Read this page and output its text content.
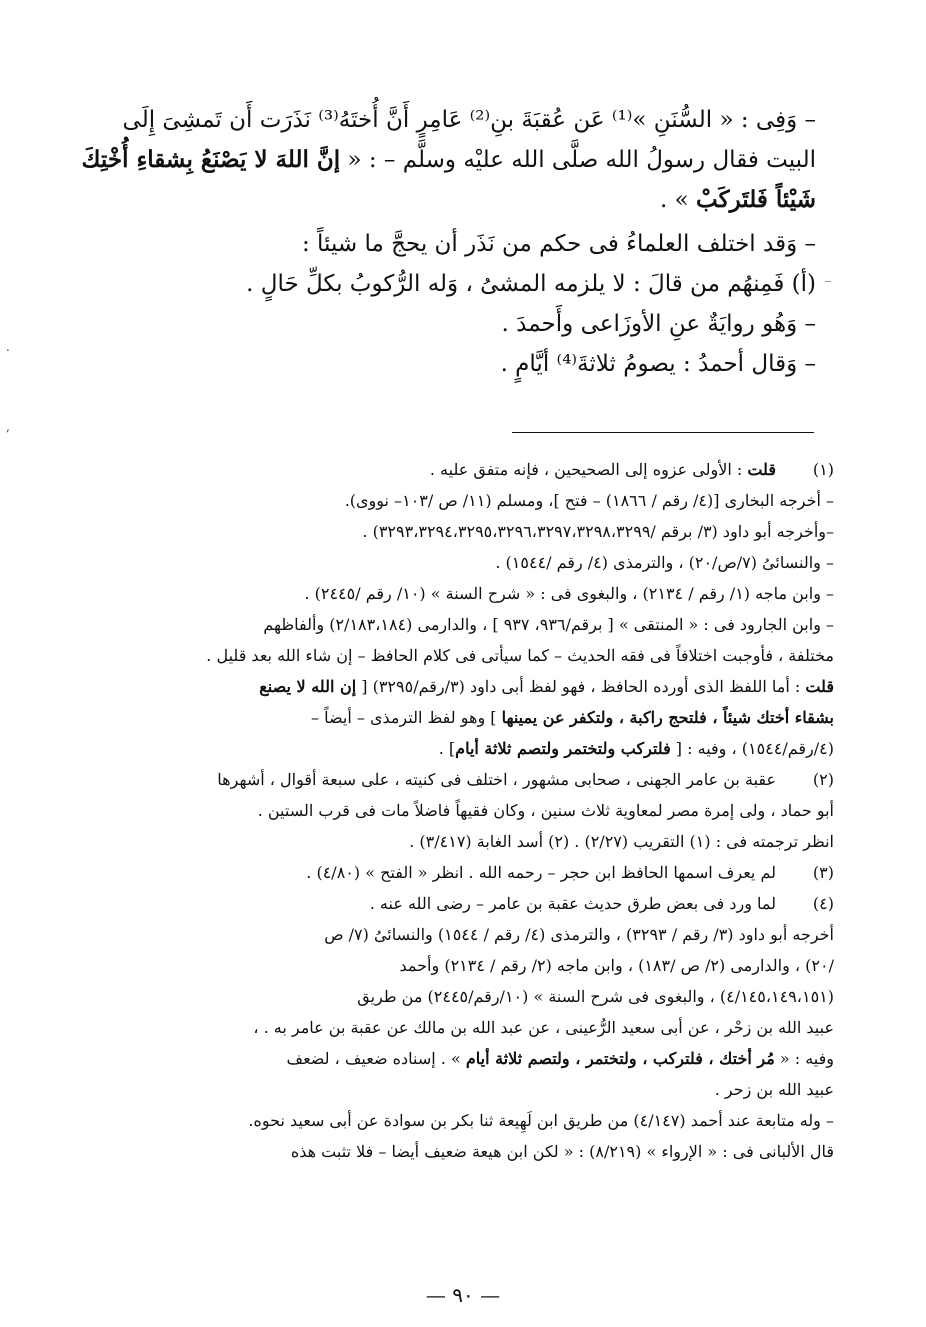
– وَفِى : « السُّنَنِ »⁽¹⁾ عَن عُقبَةَ بنِ⁽²⁾ عَامِرٍ أَنَّ أُختَهُ⁽³⁾ نَذَرَت أَن تَمشِىَ إِلَى

البيت فقال رسولُ الله صلَّى الله عليْه وسلَّم – : « إنَّ اللهَ لا يَصْنَعُ بِشقاءِ أُخْتِكَ

شَيْئاً فَلتَركَبْ » .

– وَقد اختلف العلماءُ فى حكم من نَذَر أن يحجَّ ما شيئاً :

(أ) فَمِنهُم من قالَ : لا يلزمه المشىُ ، وَله الرُّكوبُ بكلِّ حَالٍ .

– وَهُو روايَةٌ عنِ الأوزَاعى وأَحمدَ .

– وَقال أحمدُ : يصومُ ثلاثةَ⁽⁴⁾ أيَّامٍ .

(١)

قلت : الأولى عزوه إلى الصحيحين ، فإنه متفق عليه .

– أخرجه البخارى [(٤/ رقم / ١٨٦٦) – فتح ]، ومسلم (١١/ ص /١٠٣– نووى).

–وأخرجه أبو داود (٣/ برقم /٣٢٩٣،٣٢٩٤،٣٢٩٥،٣٢٩٦،٣٢٩٧،٣٢٩٨،٣٢٩٩) .

– والنسائىُ (٧/ص/٢٠) ، والترمذى (٤/ رقم /١٥٤٤) .

– وابن ماجه (١/ رقم / ٢١٣٤) ، والبغوى فى : « شرح السنة » (١٠/ رقم /٢٤٤٥) .

– وابن الجارود فى : « المنتقى » [ برقم/٩٣٦، ٩٣٧ ] ، والدارمى (٢/١٨٣،١٨٤) وألفاظهم

مختلفة ، فأوجبت اختلافاً فى فقه الحديث – كما سيأتى فى كلام الحافظ – إن شاء الله بعد قليل .

قلت : أما اللفظ الذى أورده الحافظ ، فهو لفظ أبى داود (٣/رقم/٣٢٩٥) [ إن الله لا يصنع

بشقاء أختك شيئاً ، فلتحج راكبة ، ولتكفر عن يمينها ] وهو لفظ الترمذى – أيضاً –

(٤/رقم/١٥٤٤) ، وفيه : [ فلتركب ولتختمر ولتصم ثلاثة أيام] .

(٢)

عقبة بن عامر الجهنى ، صحابى مشهور ، اختلف فى كنيته ، على سبعة أقوال ، أشهرها

أبو حماد ، ولى إمرة مصر لمعاوية ثلاث سنين ، وكان فقيهاً فاضلاً مات فى قرب الستين .

انظر ترجمته فى : (١) التقريب (٢/٢٧) . (٢) أسد الغابة (٣/٤١٧) .

(٣)

لم يعرف اسمها الحافظ ابن حجر – رحمه الله . انظر « الفتح » (٤/٨٠) .

(٤)

لما ورد فى بعض طرق حديث عقبة بن عامر – رضى الله عنه .

أخرجه أبو داود (٣/ رقم / ٣٢٩٣) ، والترمذى (٤/ رقم / ١٥٤٤) والنسائىُ (٧/ ص

/٢٠) ، والدارمى (٢/ ص /١٨٣) ، وابن ماجه (٢/ رقم / ٢١٣٤) وأحمد

(٤/١٤٥،١٤٩،١٥١) ، والبغوى فى شرح السنة » (١٠/رقم/٢٤٤٥) من طريق

عبيد الله بن زحْر ، عن أبى سعيد الرُّعينى ، عن عبد الله بن مالك عن عقبة بن عامر به . ،

وفيه : « مُر أختك ، فلتركب ، ولتختمر ، ولتصم ثلاثة أيام » . إسناده ضعيف ، لضعف

عبيد الله بن زحر .

– وله متابعة عند أحمد (٤/١٤٧) من طريق ابن لَهِيعة ثنا بكر بن سوادة عن أبى سعيد نحوه.

قال الألبانى فى : « الإرواء » (٨/٢١٩) : « لكن ابن هيعة ضعيف أيضا – فلا تثبت هذه

— ٩٠ —
.
,
_
